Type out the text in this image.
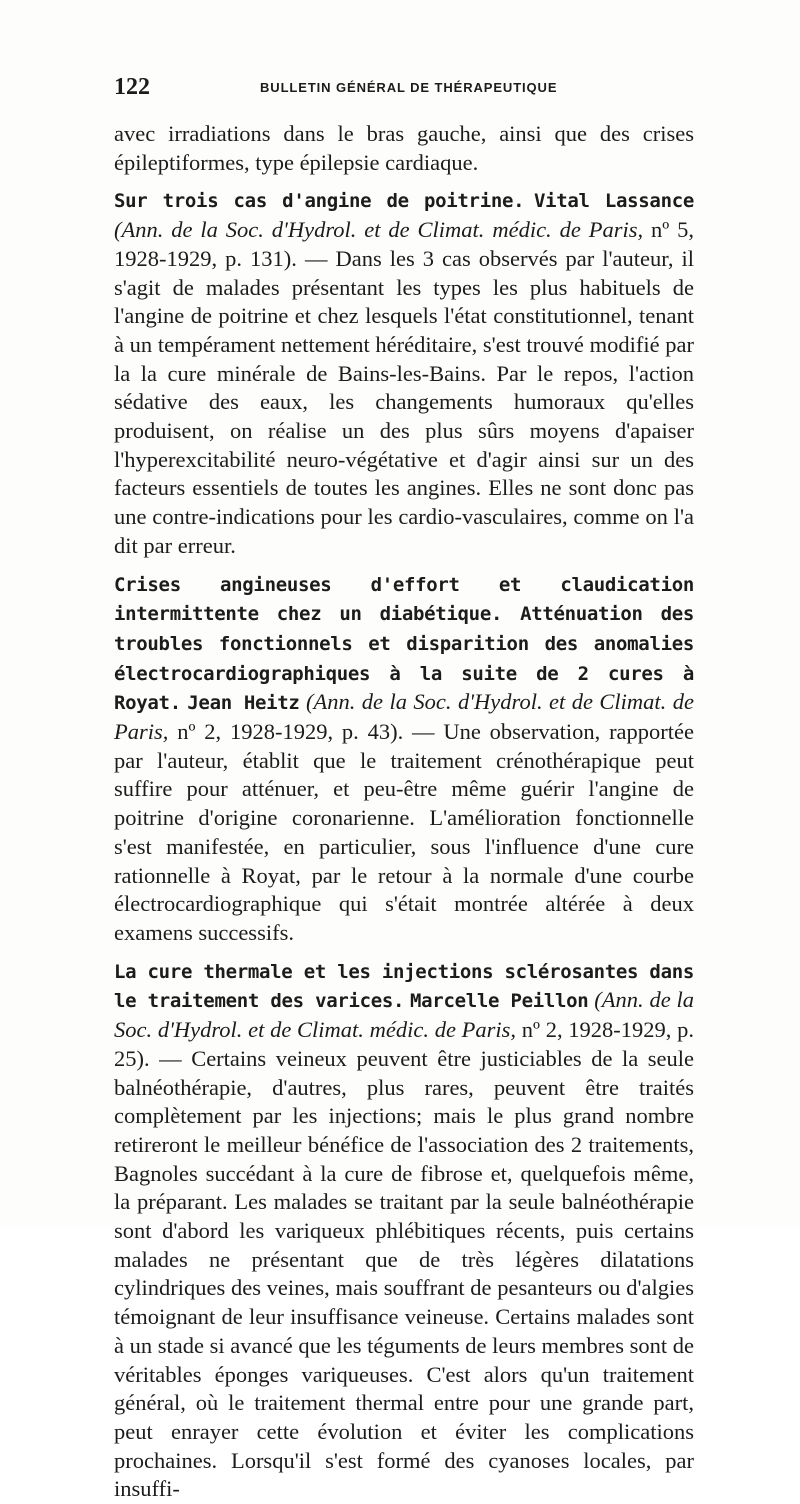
122	BULLETIN GÉNÉRAL DE THÉRAPEUTIQUE

avec irradiations dans le bras gauche, ainsi que des crises épileptiformes, type épilepsie cardiaque.

Sur trois cas d'angine de poitrine. Vital Lassance (Ann. de la Soc. d'Hydrol. et de Climat. médic. de Paris, nº 5, 1928-1929, p. 131). — Dans les 3 cas observés par l'auteur, il s'agit de malades présentant les types les plus habituels de l'angine de poitrine et chez lesquels l'état constitutionnel, tenant à un tempérament nettement héréditaire, s'est trouvé modifié par la la cure minérale de Bains-les-Bains. Par le repos, l'action sédative des eaux, les changements humoraux qu'elles produisent, on réalise un des plus sûrs moyens d'apaiser l'hyperexcitabilité neuro-végétative et d'agir ainsi sur un des facteurs essentiels de toutes les angines. Elles ne sont donc pas une contre-indications pour les cardio-vasculaires, comme on l'a dit par erreur.

Crises angineuses d'effort et claudication intermittente chez un diabétique. Atténuation des troubles fonctionnels et disparition des anomalies électrocardiographiques à la suite de 2 cures à Royat. Jean Heitz (Ann. de la Soc. d'Hydrol. et de Climat. de Paris, nº 2, 1928-1929, p. 43). — Une observation, rapportée par l'auteur, établit que le traitement crénothérapique peut suffire pour atténuer, et peu-être même guérir l'angine de poitrine d'origine coronarienne. L'amélioration fonctionnelle s'est manifestée, en particulier, sous l'influence d'une cure rationnelle à Royat, par le retour à la normale d'une courbe électrocardiographique qui s'était montrée altérée à deux examens successifs.

La cure thermale et les injections sclérosantes dans le traitement des varices. Marcelle Peillon (Ann. de la Soc. d'Hydrol. et de Climat. médic. de Paris, nº 2, 1928-1929, p. 25). — Certains veineux peuvent être justiciables de la seule balnéothérapie, d'autres, plus rares, peuvent être traités complètement par les injections; mais le plus grand nombre retireront le meilleur bénéfice de l'association des 2 traitements, Bagnoles succédant à la cure de fibrose et, quelquefois même, la préparant. Les malades se traitant par la seule balnéothérapie sont d'abord les variqueux phlébitiques récents, puis certains malades ne présentant que de très légères dilatations cylindriques des veines, mais souffrant de pesanteurs ou d'algies témoignant de leur insuffisance veineuse. Certains malades sont à un stade si avancé que les téguments de leurs membres sont de véritables éponges variqueuses. C'est alors qu'un traitement général, où le traitement thermal entre pour une grande part, peut enrayer cette évolution et éviter les complications prochaines. Lorsqu'il s'est formé des cyanoses locales, par insuffi-
